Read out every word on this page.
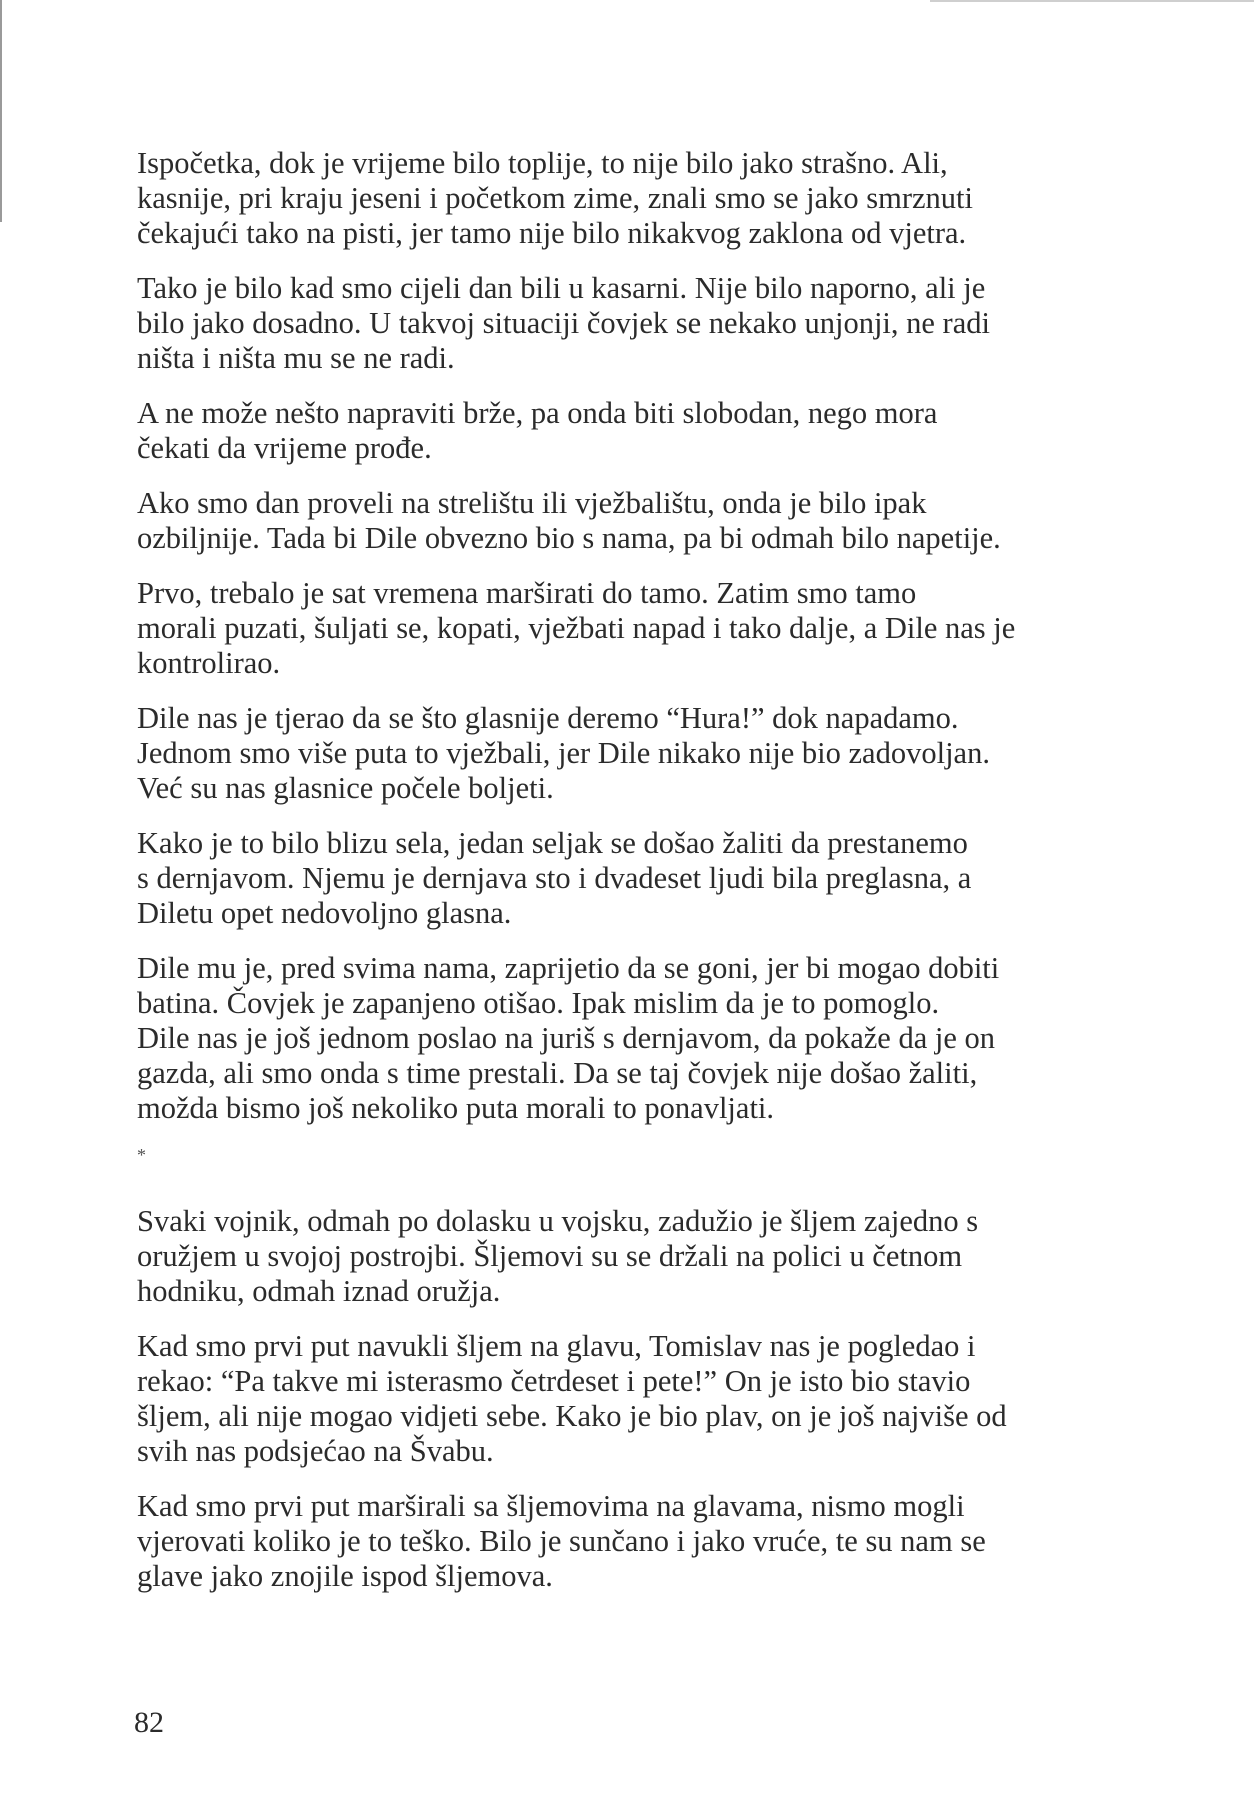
Ispočetka, dok je vrijeme bilo toplije, to nije bilo jako strašno. Ali,
kasnije, pri kraju jeseni i početkom zime, znali smo se jako smrznuti
čekajući tako na pisti, jer tamo nije bilo nikakvog zaklona od vjetra.

Tako je bilo kad smo cijeli dan bili u kasarni. Nije bilo naporno, ali je
bilo jako dosadno. U takvoj situaciji čovjek se nekako unjonji, ne radi
ništa i ništa mu se ne radi.

A ne može nešto napraviti brže, pa onda biti slobodan, nego mora
čekati da vrijeme prođe.

Ako smo dan proveli na strelištu ili vježbalištu, onda je bilo ipak
ozbiljnije. Tada bi Dile obvezno bio s nama, pa bi odmah bilo napetije.

Prvo, trebalo je sat vremena marširati do tamo. Zatim smo tamo
morali puzati, šuljati se, kopati, vježbati napad i tako dalje, a Dile nas je
kontrolirao.

Dile nas je tjerao da se što glasnije deremo “Hura!” dok napadamo.
Jednom smo više puta to vježbali, jer Dile nikako nije bio zadovoljan.
Već su nas glasnice počele boljeti.

Kako je to bilo blizu sela, jedan seljak se došao žaliti da prestanemo
s dernjavom. Njemu je dernjava sto i dvadeset ljudi bila preglasna, a
Diletu opet nedovoljno glasna.

Dile mu je, pred svima nama, zaprijetio da se goni, jer bi mogao dobiti
batina. Čovjek je zapanjeno otišao. Ipak mislim da je to pomoglo.
Dile nas je još jednom poslao na juriš s dernjavom, da pokaže da je on
gazda, ali smo onda s time prestali. Da se taj čovjek nije došao žaliti,
možda bismo još nekoliko puta morali to ponavljati.

*

Svaki vojnik, odmah po dolasku u vojsku, zadužio je šljem zajedno s
oružjem u svojoj postrojbi. Šljemovi su se držali na polici u četnom
hodniku, odmah iznad oružja.

Kad smo prvi put navukli šljem na glavu, Tomislav nas je pogledao i
rekao: “Pa takve mi isterasmo četrdeset i pete!” On je isto bio stavio
šljem, ali nije mogao vidjeti sebe. Kako je bio plav, on je još najviše od
svih nas podsjećao na Švabu.

Kad smo prvi put marširali sa šljemovima na glavama, nismo mogli
vjerovati koliko je to teško. Bilo je sunčano i jako vruće, te su nam se
glave jako znojile ispod šljemova.

82
